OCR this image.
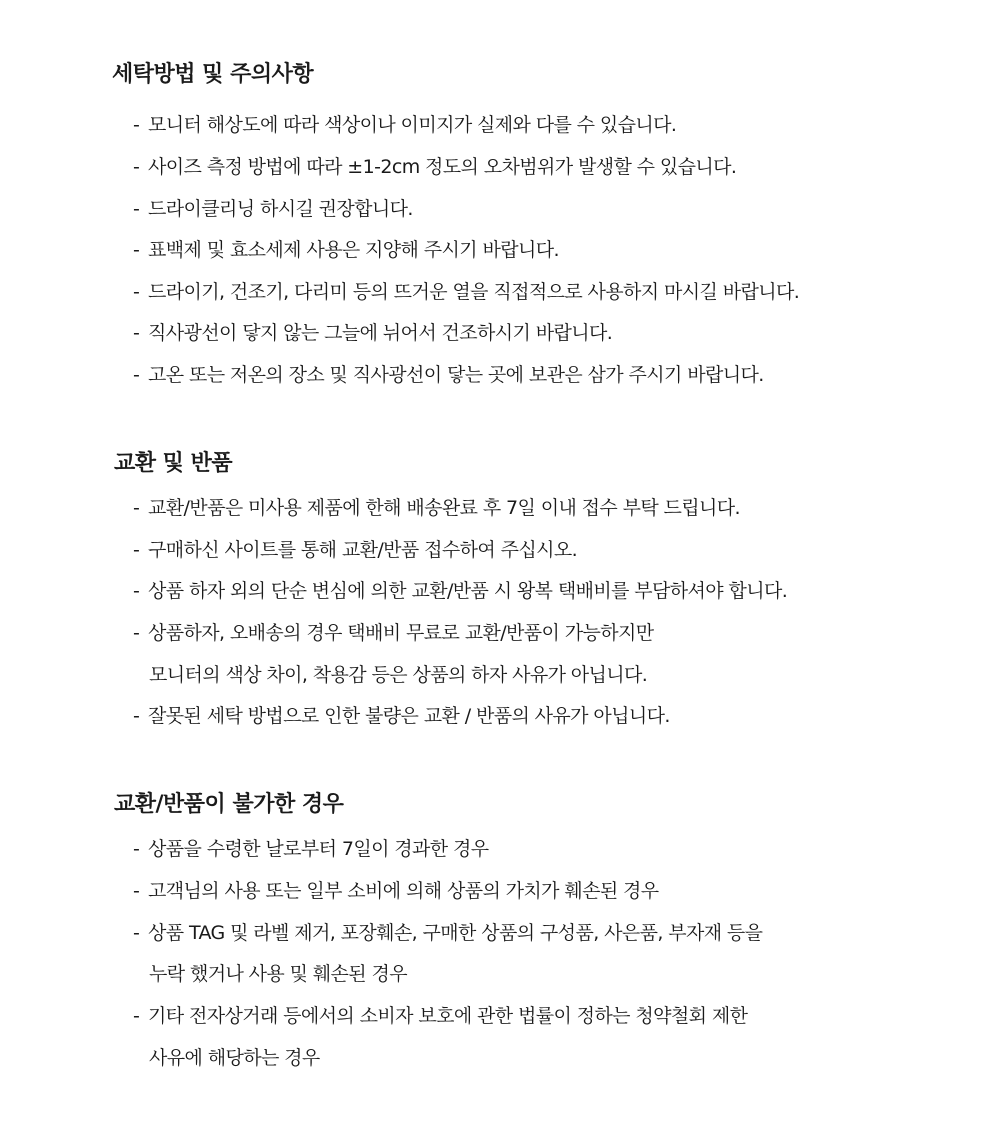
세탁방법 및 주의사항
- 모니터 해상도에 따라 색상이나 이미지가 실제와 다를 수 있습니다.
- 사이즈 측정 방법에 따라 ±1-2cm 정도의 오차범위가 발생할 수 있습니다.
- 드라이클리닝 하시길 권장합니다.
- 표백제 및 효소세제 사용은 지양해 주시기 바랍니다.
- 드라이기, 건조기, 다리미 등의 뜨거운 열을 직접적으로 사용하지 마시길 바랍니다.
- 직사광선이 닿지 않는 그늘에 뉘어서 건조하시기 바랍니다.
- 고온 또는 저온의 장소 및 직사광선이 닿는 곳에 보관은 삼가 주시기 바랍니다.
교환 및 반품
- 교환/반품은 미사용 제품에 한해 배송완료 후 7일 이내 접수 부탁 드립니다.
- 구매하신 사이트를 통해 교환/반품 접수하여 주십시오.
- 상품 하자 외의 단순 변심에 의한 교환/반품 시 왕복 택배비를 부담하셔야 합니다.
- 상품하자, 오배송의 경우 택배비 무료로 교환/반품이 가능하지만
모니터의 색상 차이, 착용감 등은 상품의 하자 사유가 아닙니다.
- 잘못된 세탁 방법으로 인한 불량은 교환 / 반품의 사유가 아닙니다.
교환/반품이 불가한 경우
- 상품을 수령한 날로부터 7일이 경과한 경우
- 고객님의 사용 또는 일부 소비에 의해 상품의 가치가 훼손된 경우
- 상품 TAG 및 라벨 제거, 포장훼손, 구매한 상품의 구성품, 사은품, 부자재 등을
누락 했거나 사용 및 훼손된 경우
- 기타 전자상거래 등에서의 소비자 보호에 관한 법률이 정하는 청약철회 제한
사유에 해당하는 경우
